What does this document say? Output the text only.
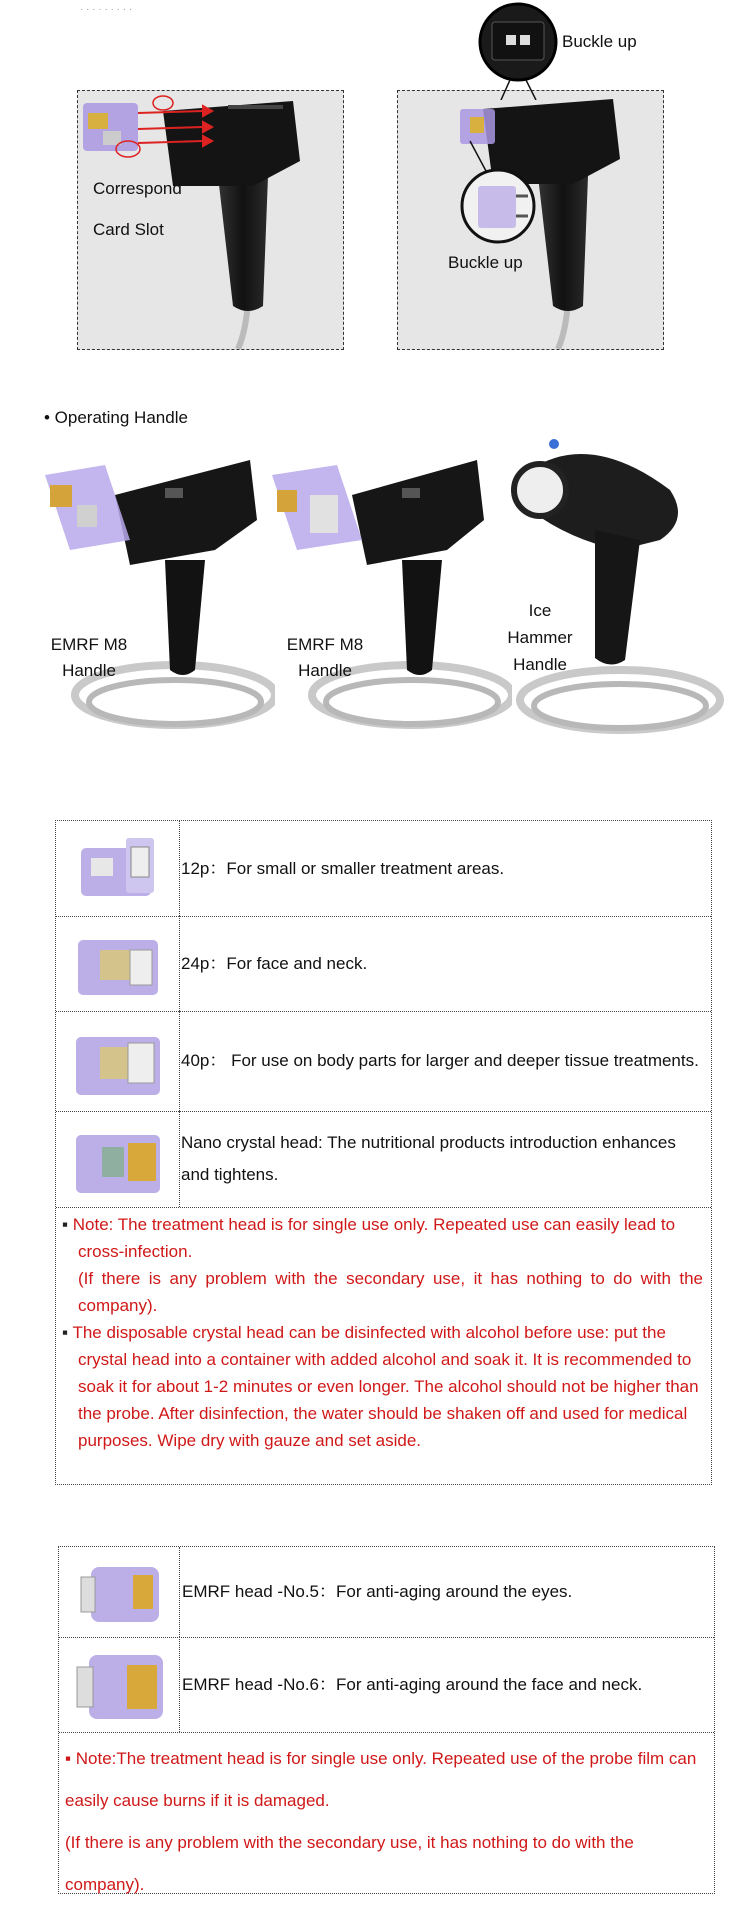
· · · · · · · · ·
Correspond
Card Slot
Buckle up
Buckle up
• Operating Handle
EMRF M8
Handle
EMRF M8
Handle
Ice
Hammer
Handle
12p：For small or smaller treatment areas.
24p：For face and neck.
40p： For use on body parts for larger and deeper tissue treatments.
Nano crystal head: The nutritional products introduction enhances and tightens.

▪ Note: The treatment head is for single use only. Repeated use can easily lead to cross-infection.

(If there is any problem with the secondary use, it has nothing to do with the company).

▪ The disposable crystal head can be disinfected with alcohol before use: put the crystal head into a container with added alcohol and soak it. It is recommended to soak it for about 1-2 minutes or even longer. The alcohol should not be higher than the probe. After disinfection, the water should be shaken off and used for medical purposes. Wipe dry with gauze and set aside.

EMRF head -No.5：For anti-aging around the eyes.
EMRF head -No.6：For anti-aging around the face and neck.

▪ Note:The treatment head is for single use only. Repeated use of the probe film can easily cause burns if it is damaged.

(If there is any problem with the secondary use, it has nothing to do with the company).
